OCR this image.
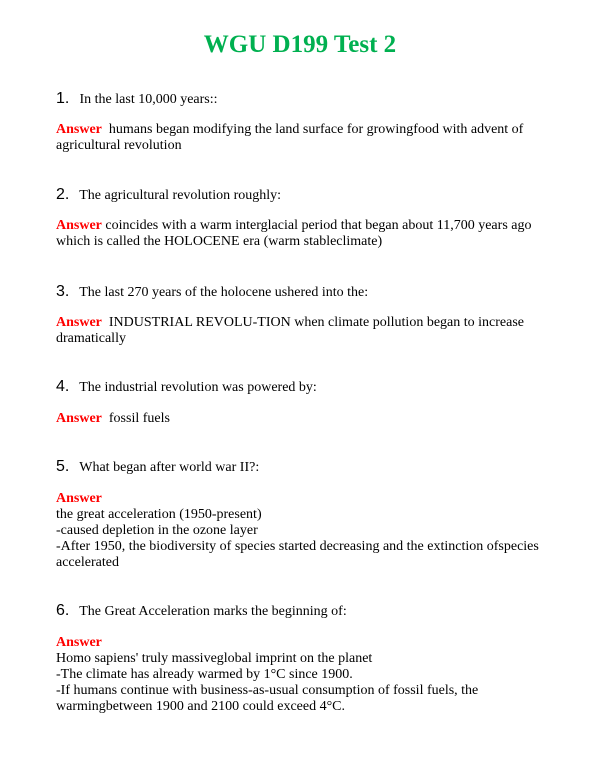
WGU D199 Test 2

1. In the last 10,000 years::

Answer humans began modifying the land surface for growingfood with advent of agricultural revolution

2. The agricultural revolution roughly:

Answer coincides with a warm interglacial period that began about 11,700 years ago which is called the HOLOCENE era (warm stableclimate)

3. The last 270 years of the holocene ushered into the:

Answer INDUSTRIAL REVOLU-TION when climate pollution began to increase dramatically

4. The industrial revolution was powered by:

Answer fossil fuels

5. What began after world war II?:

Answer
the great acceleration (1950-present)
-caused depletion in the ozone layer
-After 1950, the biodiversity of species started decreasing and the extinction ofspecies accelerated

6. The Great Acceleration marks the beginning of:

Answer
Homo sapiens' truly massiveglobal imprint on the planet
-The climate has already warmed by 1°C since 1900.
-If humans continue with business-as-usual consumption of fossil fuels, the warmingbetween 1900 and 2100 could exceed 4°C.
